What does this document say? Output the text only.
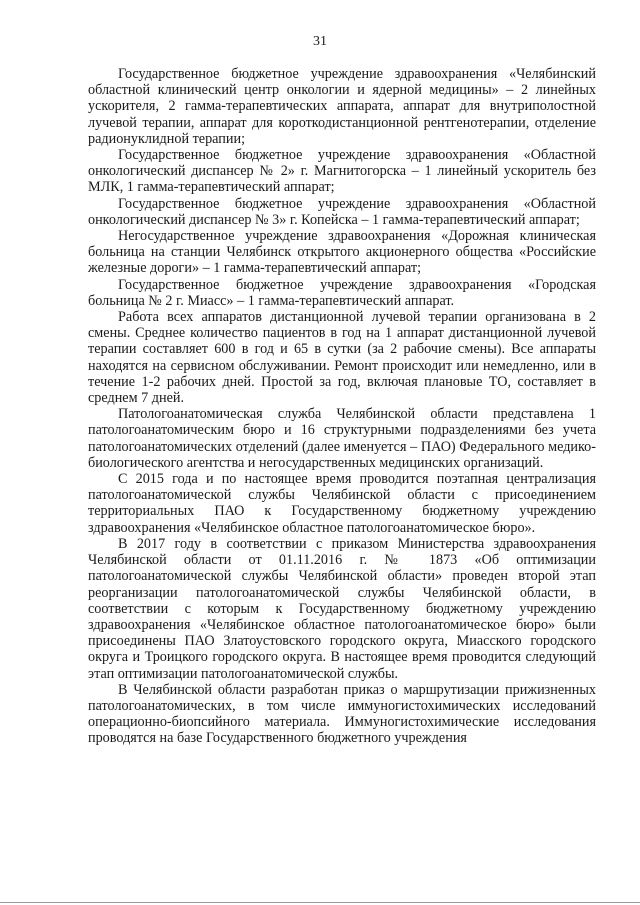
31

Государственное бюджетное учреждение здравоохранения «Челябинский областной клинический центр онкологии и ядерной медицины» – 2 линейных ускорителя, 2 гамма-терапевтических аппарата, аппарат для внутриполостной лучевой терапии, аппарат для короткодистанционной рентгенотерапии, отделение радионуклидной терапии;

Государственное бюджетное учреждение здравоохранения «Областной онкологический диспансер № 2» г. Магнитогорска – 1 линейный ускоритель без МЛК, 1 гамма-терапевтический аппарат;

Государственное бюджетное учреждение здравоохранения «Областной онкологический диспансер № 3» г. Копейска – 1 гамма-терапевтический аппарат;

Негосударственное учреждение здравоохранения «Дорожная клиническая больница на станции Челябинск открытого акционерного общества «Российские железные дороги» – 1 гамма-терапевтический аппарат;

Государственное бюджетное учреждение здравоохранения «Городская больница № 2 г. Миасс» – 1 гамма-терапевтический аппарат.

Работа всех аппаратов дистанционной лучевой терапии организована в 2 смены. Среднее количество пациентов в год на 1 аппарат дистанционной лучевой терапии составляет 600 в год и 65 в сутки (за 2 рабочие смены). Все аппараты находятся на сервисном обслуживании. Ремонт происходит или немедленно, или в течение 1-2 рабочих дней. Простой за год, включая плановые ТО, составляет в среднем 7 дней.

Патологоанатомическая служба Челябинской области представлена 1 патологоанатомическим бюро и 16 структурными подразделениями без учета патологоанатомических отделений (далее именуется – ПАО) Федерального медико-биологического агентства и негосударственных медицинских организаций.

С 2015 года и по настоящее время проводится поэтапная централизация патологоанатомической службы Челябинской области с присоединением территориальных ПАО к Государственному бюджетному учреждению здравоохранения «Челябинское областное патологоанатомическое бюро».

В 2017 году в соответствии с приказом Министерства здравоохранения Челябинской области от 01.11.2016 г. № 1873 «Об оптимизации патологоанатомической службы Челябинской области» проведен второй этап реорганизации патологоанатомической службы Челябинской области, в соответствии с которым к Государственному бюджетному учреждению здравоохранения «Челябинское областное патологоанатомическое бюро» были присоединены ПАО Златоустовского городского округа, Миасского городского округа и Троицкого городского округа. В настоящее время проводится следующий этап оптимизации патологоанатомической службы.

В Челябинской области разработан приказ о маршрутизации прижизненных патологоанатомических, в том числе иммуногистохимических исследований операционно-биопсийного материала. Иммуногистохимические исследования проводятся на базе Государственного бюджетного учреждения
